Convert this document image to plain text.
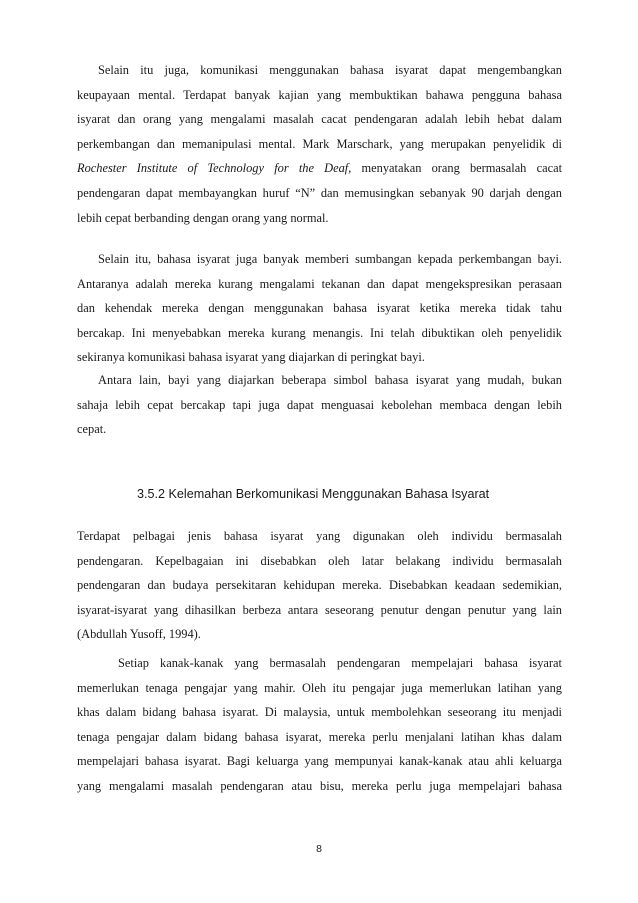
Selain itu juga, komunikasi menggunakan bahasa isyarat dapat mengembangkan
keupayaan mental. Terdapat banyak kajian yang membuktikan bahawa pengguna bahasa
isyarat dan orang yang mengalami masalah cacat pendengaran adalah lebih hebat dalam
perkembangan dan memanipulasi mental. Mark Marschark, yang merupakan penyelidik di
Rochester Institute of Technology for the Deaf, menyatakan orang bermasalah cacat
pendengaran dapat membayangkan huruf “N” dan memusingkan sebanyak 90 darjah dengan
lebih cepat berbanding dengan orang yang normal.
Selain itu, bahasa isyarat juga banyak memberi sumbangan kepada perkembangan bayi.
Antaranya adalah mereka kurang mengalami tekanan dan dapat mengekspresikan perasaan
dan kehendak mereka dengan menggunakan bahasa isyarat ketika mereka tidak tahu
bercakap. Ini menyebabkan mereka kurang menangis. Ini telah dibuktikan oleh penyelidik
sekiranya komunikasi bahasa isyarat yang diajarkan di peringkat bayi.
Antara lain, bayi yang diajarkan beberapa simbol bahasa isyarat yang mudah, bukan
sahaja lebih cepat bercakap tapi juga dapat menguasai kebolehan membaca dengan lebih
cepat.
3.5.2 Kelemahan Berkomunikasi Menggunakan Bahasa Isyarat
Terdapat pelbagai jenis bahasa isyarat yang digunakan oleh individu bermasalah
pendengaran. Kepelbagaian ini disebabkan oleh latar belakang individu bermasalah
pendengaran dan budaya persekitaran kehidupan mereka. Disebabkan keadaan sedemikian,
isyarat-isyarat yang dihasilkan berbeza antara seseorang penutur dengan penutur yang lain
(Abdullah Yusoff, 1994).
Setiap kanak-kanak yang bermasalah pendengaran mempelajari bahasa isyarat
memerlukan tenaga pengajar yang mahir. Oleh itu pengajar juga memerlukan latihan yang
khas dalam bidang bahasa isyarat. Di malaysia, untuk membolehkan seseorang itu menjadi
tenaga pengajar dalam bidang bahasa isyarat, mereka perlu menjalani latihan khas dalam
mempelajari bahasa isyarat. Bagi keluarga yang mempunyai kanak-kanak atau ahli keluarga
yang mengalami masalah pendengaran atau bisu, mereka perlu juga mempelajari bahasa
8
